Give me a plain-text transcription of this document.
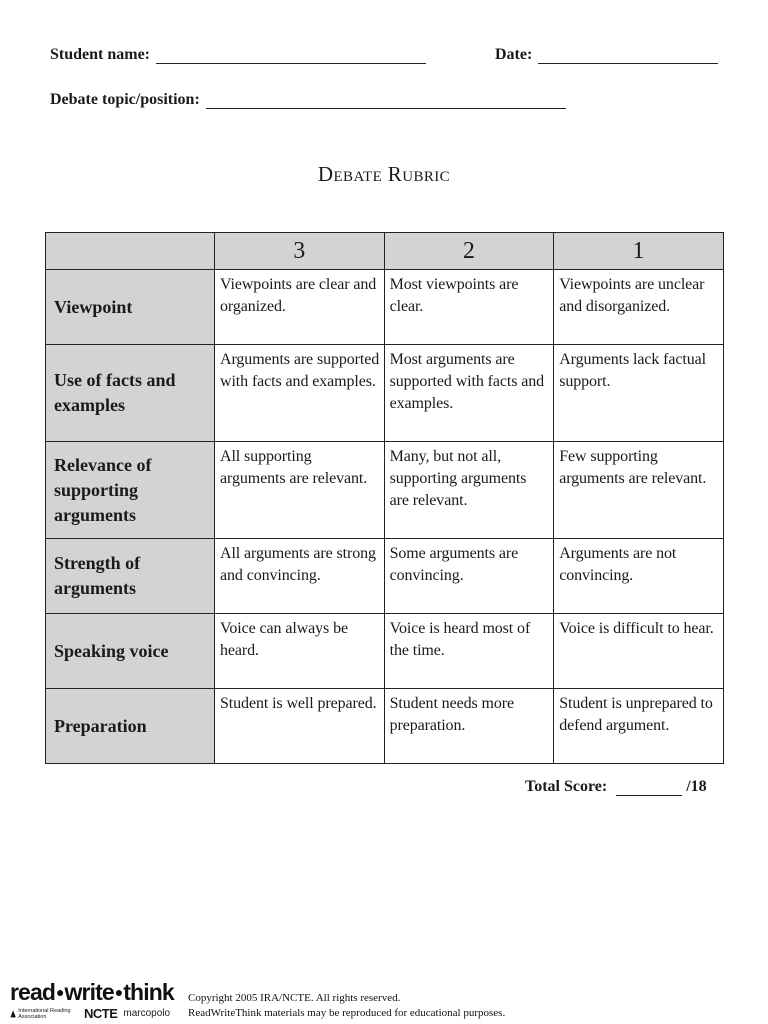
Student name:	Date:
Debate topic/position:
Debate Rubric
	3	2	1
Viewpoint	Viewpoints are clear and organized.	Most viewpoints are clear.	Viewpoints are unclear and disorganized.
Use of facts and examples	Arguments are supported with facts and examples.	Most arguments are supported with facts and examples.	Arguments lack factual support.
Relevance of supporting arguments	All supporting arguments are relevant.	Many, but not all, supporting arguments are relevant.	Few supporting arguments are relevant.
Strength of arguments	All arguments are strong and convincing.	Some arguments are convincing.	Arguments are not convincing.
Speaking voice	Voice can always be heard.	Voice is heard most of the time.	Voice is difficult to hear.
Preparation	Student is well prepared.	Student needs more preparation.	Student is unprepared to defend argument.
Total Score:	/18
read●write●think
International Reading Association	NCTE marcopolo
Copyright 2005 IRA/NCTE. All rights reserved.
ReadWriteThink materials may be reproduced for educational purposes.
